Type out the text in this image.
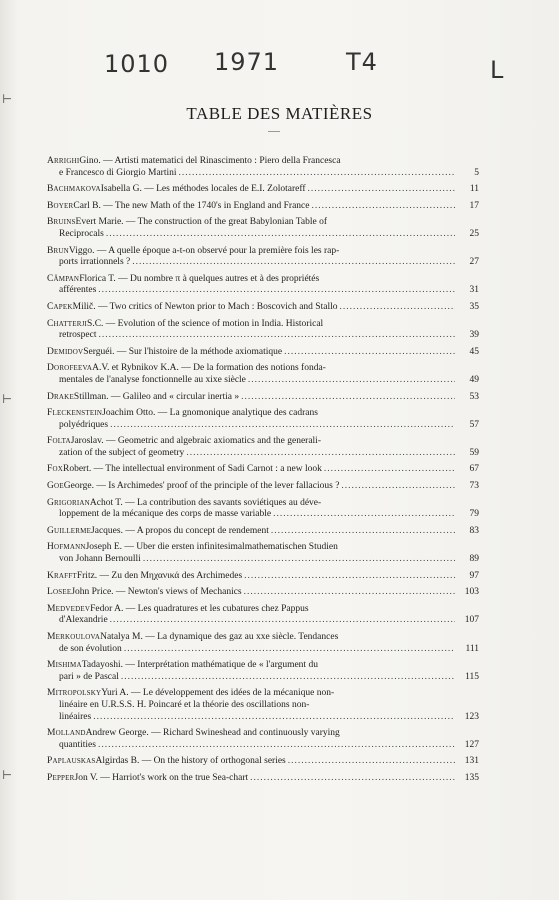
⊢
⊢
⊢
1010 1971	T4	L
TABLE DES MATIÈRES
Arrighi Gino. — Artisti matematici del Rinascimento : Piero della Francesca
e Francesco di Giorgio Martini .....	5
Bachmakova Isabella G. — Les méthodes locales de E.I. Zolotareff .....	11
Boyer Carl B. — The new Math of the 1740's in England and France .....	17
Bruins Evert Marie. — The construction of the great Babylonian Table of
Reciprocals .....	25
Brun Viggo. — A quelle époque a-t-on observé pour la première fois les rap-
ports irrationnels ? .....	27
Câmpan Florica T. — Du nombre π à quelques autres et à des propriétés
afférentes .....	31
Čapek Milič. — Two critics of Newton prior to Mach : Boscovich and Stallo .....	35
Chatterji S.C. — Evolution of the science of motion in India. Historical
retrospect .....	39
Demidov Serguéi. — Sur l'histoire de la méthode axiomatique .....	45
Dorofeeva A.V. et Rybnikov K.A. — De la formation des notions fonda-
mentales de l'analyse fonctionnelle au xixe siècle .....	49
Drake Stillman. — Galileo and « circular inertia » .....	53
Fleckenstein Joachim Otto. — La gnomonique analytique des cadrans
polyédriques .....	57
Folta Jaroslav. — Geometric and algebraic axiomatics and the generali-
zation of the subject of geometry .....	59
Fox Robert. — The intellectual environment of Sadi Carnot : a new look .....	67
Goe George. — Is Archimedes' proof of the principle of the lever fallacious ? .....	73
Grigorian Achot T. — La contribution des savants soviétiques au déve-
loppement de la mécanique des corps de masse variable .....	79
Guillerme Jacques. — A propos du concept de rendement .....	83
Hofmann Joseph E. — Über die ersten infinitesimalmathematischen Studien
von Johann Bernoulli .....	89
Krafft Fritz. — Zu den Μηχανικά des Archimedes .....	97
Losee John Price. — Newton's views of Mechanics .....	103
Medvedev Fedor A. — Les quadratures et les cubatures chez Pappus
d'Alexandrie .....	107
Merkoulova Natalya M. — La dynamique des gaz au xxe siècle. Tendances
de son évolution .....	111
Mishima Tadayoshi. — Interprétation mathématique de « l'argument du
pari » de Pascal .....	115
Mitropolsky Yuri A. — Le développement des idées de la mécanique non-
linéaire en U.R.S.S. H. Poincaré et la théorie des oscillations non-
linéaires .....	123
Molland Andrew George. — Richard Swineshead and continuously varying
quantities .....	127
Paplauskas Algirdas B. — On the history of orthogonal series .....	131
Pepper Jon V. — Harriot's work on the true Sea-chart .....	135
